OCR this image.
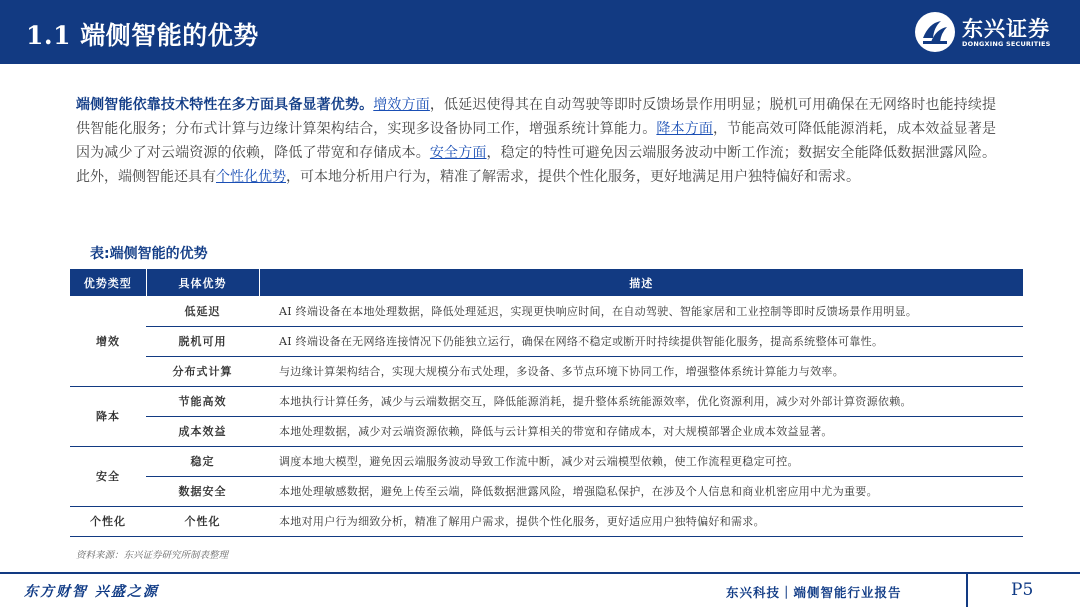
1.1 端侧智能的优势	东兴证券
DONGXING SECURITIES
端侧智能依靠技术特性在多方面具备显著优势。增效方面，低延迟使得其在自动驾驶等即时反馈场景作用明显；脱机可用确保在无网络时也能持续提供智能化服务；分布式计算与边缘计算架构结合，实现多设备协同工作，增强系统计算能力。降本方面，节能高效可降低能源消耗，成本效益显著是因为减少了对云端资源的依赖，降低了带宽和存储成本。安全方面，稳定的特性可避免因云端服务波动中断工作流；数据安全能降低数据泄露风险。此外，端侧智能还具有个性化优势，可本地分析用户行为，精准了解需求，提供个性化服务，更好地满足用户独特偏好和需求。
表:端侧智能的优势
优势类型	具体优势	描述
增效	低延迟	AI 终端设备在本地处理数据，降低处理延迟，实现更快响应时间，在自动驾驶、智能家居和工业控制等即时反馈场景作用明显。
	脱机可用	AI 终端设备在无网络连接情况下仍能独立运行，确保在网络不稳定或断开时持续提供智能化服务，提高系统整体可靠性。
	分布式计算	与边缘计算架构结合，实现大规模分布式处理，多设备、多节点环境下协同工作，增强整体系统计算能力与效率。
降本	节能高效	本地执行计算任务，减少与云端数据交互，降低能源消耗，提升整体系统能源效率，优化资源利用，减少对外部计算资源依赖。
	成本效益	本地处理数据，减少对云端资源依赖，降低与云计算相关的带宽和存储成本，对大规模部署企业成本效益显著。
安全	稳定	调度本地大模型，避免因云端服务波动导致工作流中断，减少对云端模型依赖，使工作流程更稳定可控。
	数据安全	本地处理敏感数据，避免上传至云端，降低数据泄露风险，增强隐私保护，在涉及个人信息和商业机密应用中尤为重要。
个性化	个性化	本地对用户行为细致分析，精准了解用户需求，提供个性化服务，更好适应用户独特偏好和需求。
资料来源：东兴证券研究所制表整理
东方财智 兴盛之源	东兴科技｜端侧智能行业报告	P5
